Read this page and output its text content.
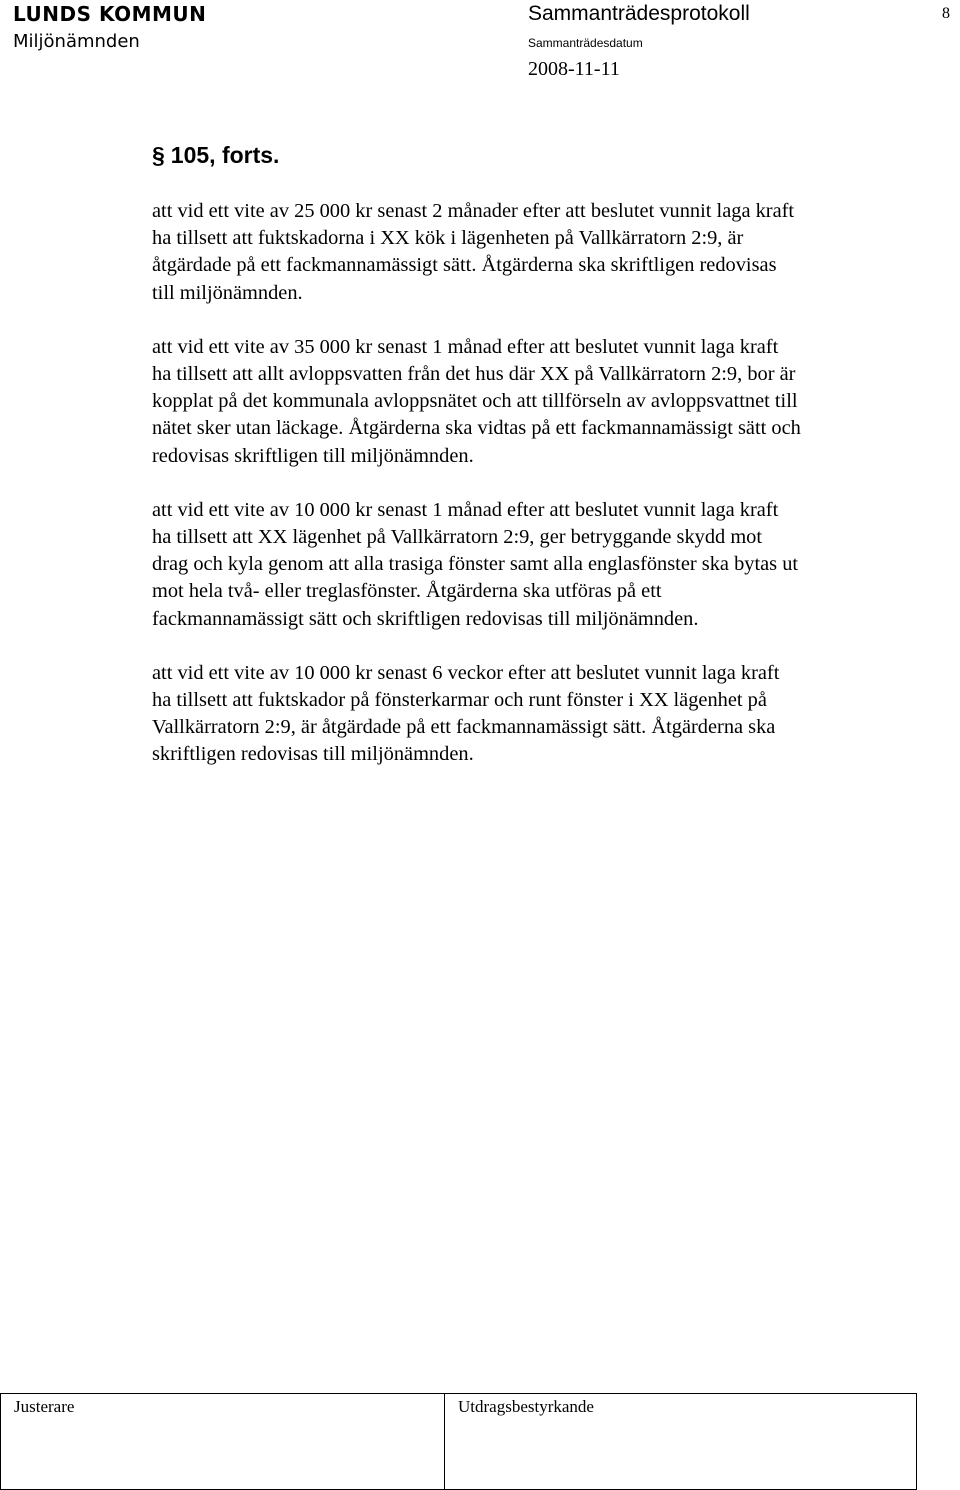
LUNDS KOMMUN
Miljönämnden
Sammanträdesprotokoll	8
Sammanträdesdatum
2008-11-11
§ 105, forts.

att vid ett vite av 25 000 kr senast 2 månader efter att beslutet vunnit laga kraft
ha tillsett att fuktskadorna i XX kök i lägenheten på Vallkärratorn 2:9, är
åtgärdade på ett fackmannamässigt sätt. Åtgärderna ska skriftligen redovisas
till miljönämnden.

att vid ett vite av 35 000 kr senast 1 månad efter att beslutet vunnit laga kraft
ha tillsett att allt avloppsvatten från det hus där XX på Vallkärratorn 2:9, bor är
kopplat på det kommunala avloppsnätet och att tillförseln av avloppsvattnet till
nätet sker utan läckage. Åtgärderna ska vidtas på ett fackmannamässigt sätt och
redovisas skriftligen till miljönämnden.

att vid ett vite av 10 000 kr senast 1 månad efter att beslutet vunnit laga kraft
ha tillsett att XX lägenhet på Vallkärratorn 2:9, ger betryggande skydd mot
drag och kyla genom att alla trasiga fönster samt alla englasfönster ska bytas ut
mot hela två- eller treglasfönster. Åtgärderna ska utföras på ett
fackmannamässigt sätt och skriftligen redovisas till miljönämnden.

att vid ett vite av 10 000 kr senast 6 veckor efter att beslutet vunnit laga kraft
ha tillsett att fuktskador på fönsterkarmar och runt fönster i XX lägenhet på
Vallkärratorn 2:9, är åtgärdade på ett fackmannamässigt sätt. Åtgärderna ska
skriftligen redovisas till miljönämnden.

Justerare	Utdragsbestyrkande
